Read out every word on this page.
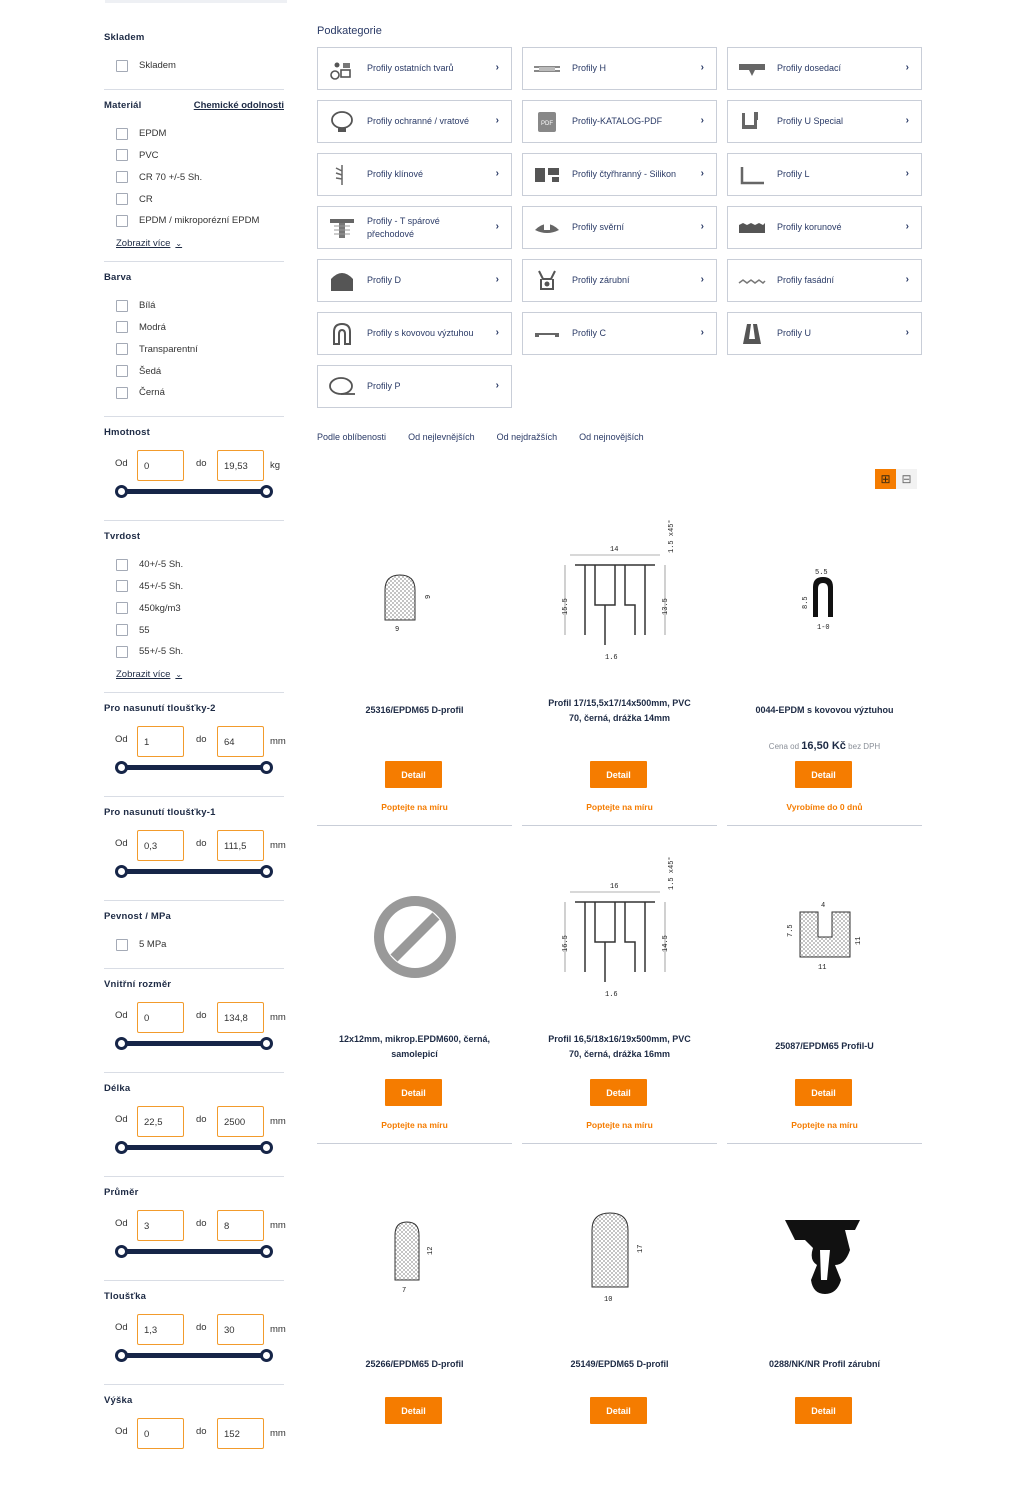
Skladem
Skladem
Materiál	Chemické odolnosti
EPDM
PVC
CR 70 +/-5 Sh.
CR
EPDM / mikroporézní EPDM
Zobrazit více ⌄
Barva
Bílá
Modrá
Transparentní
Šedá
Černá
Hmotnost
Od	0	do	19,53	kg
Tvrdost
40+/-5 Sh.
45+/-5 Sh.
450kg/m3
55
55+/-5 Sh.
Zobrazit více ⌄
Pro nasunutí tloušťky-2
Od	1	do	64	mm
Pro nasunutí tloušťky-1
Od	0,3	do	111,5	mm
Pevnost / MPa
5 MPa
Vnitřní rozměr
Od	0	do	134,8	mm
Délka
Od	22,5	do	2500	mm
Průměr
Od	3	do	8	mm
Tloušťka
Od	1,3	do	30	mm
Výška
Od	0	do	152	mm
Podkategorie
Profily ostatních tvarů	›	Profily H	›	Profily dosedací	›
Profily ochranné / vratové	›	PDF Profily-KATALOG-PDF	›	Profily U Special	›
Profily klínové	›	Profily čtyřhranný - Silikon	›	Profily L	›
Profily - T spárové přechodové
›	Profily svěrní	›	Profily korunové	›
Profily D	›	Profily zárubní	›	Profily fasádní	›
Profily s kovovou výztuhou	›	Profily C	›	Profily U	›
Profily P	›
Podle oblíbenosti Od nejlevnějších Od nejdražších Od nejnovějších
⊞ ⊟
9
9
25316/EPDM65 D-profil
Detail
Poptejte na míru
14
15.5	13.5
1.6
1.5 x45°
Profil 17/15,5x17/14x500mm, PVC 70, černá, drážka 14mm
Detail
Poptejte na míru
5.5
8.5
1-0
0044-EPDM s kovovou výztuhou
Cena od 16,50 Kč bez DPH
Detail
Vyrobíme do 0 dnů
12x12mm, mikrop.EPDM600, černá, samolepicí
Detail
Poptejte na míru
16
16.5	14.5
1.6
1.5 x45°
Profil 16,5/18x16/19x500mm, PVC 70, černá, drážka 16mm
Detail
Poptejte na míru
4
7.5
11
11
25087/EPDM65 Profil-U
Detail
Poptejte na míru
12
7
25266/EPDM65 D-profil
Detail
17
10
25149/EPDM65 D-profil
Detail
0288/NK/NR Profil zárubní
Detail
